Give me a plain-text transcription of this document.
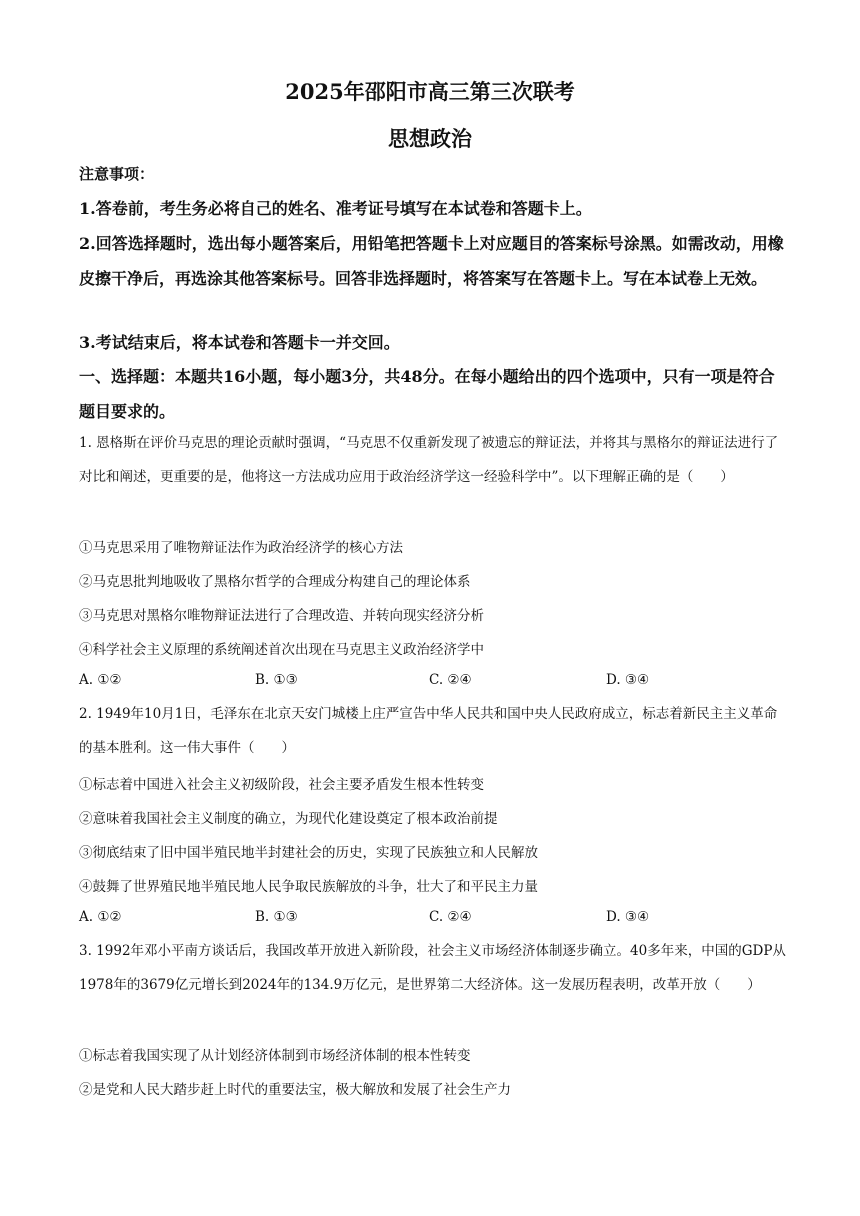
2025年邵阳市高三第三次联考
思想政治
注意事项：
1.答卷前，考生务必将自己的姓名、准考证号填写在本试卷和答题卡上。
2.回答选择题时，选出每小题答案后，用铅笔把答题卡上对应题目的答案标号涂黑。如需改动，用橡皮擦干净后，再选涂其他答案标号。回答非选择题时，将答案写在答题卡上。写在本试卷上无效。
3.考试结束后，将本试卷和答题卡一并交回。
一、选择题：本题共16小题，每小题3分，共48分。在每小题给出的四个选项中，只有一项是符合题目要求的。
1. 恩格斯在评价马克思的理论贡献时强调，“马克思不仅重新发现了被遗忘的辩证法，并将其与黑格尔的辩证法进行了对比和阐述，更重要的是，他将这一方法成功应用于政治经济学这一经验科学中”。以下理解正确的是（　　）
①马克思采用了唯物辩证法作为政治经济学的核心方法
②马克思批判地吸收了黑格尔哲学的合理成分构建自己的理论体系
③马克思对黑格尔唯物辩证法进行了合理改造、并转向现实经济分析
④科学社会主义原理的系统阐述首次出现在马克思主义政治经济学中
A. ①②	B. ①③	C. ②④	D. ③④
2. 1949年10月1日，毛泽东在北京天安门城楼上庄严宣告中华人民共和国中央人民政府成立，标志着新民主主义革命的基本胜利。这一伟大事件（　　）
①标志着中国进入社会主义初级阶段，社会主要矛盾发生根本性转变
②意味着我国社会主义制度的确立，为现代化建设奠定了根本政治前提
③彻底结束了旧中国半殖民地半封建社会的历史，实现了民族独立和人民解放
④鼓舞了世界殖民地半殖民地人民争取民族解放的斗争，壮大了和平民主力量
A. ①②	B. ①③	C. ②④	D. ③④
3. 1992年邓小平南方谈话后，我国改革开放进入新阶段，社会主义市场经济体制逐步确立。40多年来，中国的GDP从1978年的3679亿元增长到2024年的134.9万亿元，是世界第二大经济体。这一发展历程表明，改革开放（　　）
①标志着我国实现了从计划经济体制到市场经济体制的根本性转变
②是党和人民大踏步赶上时代的重要法宝，极大解放和发展了社会生产力
